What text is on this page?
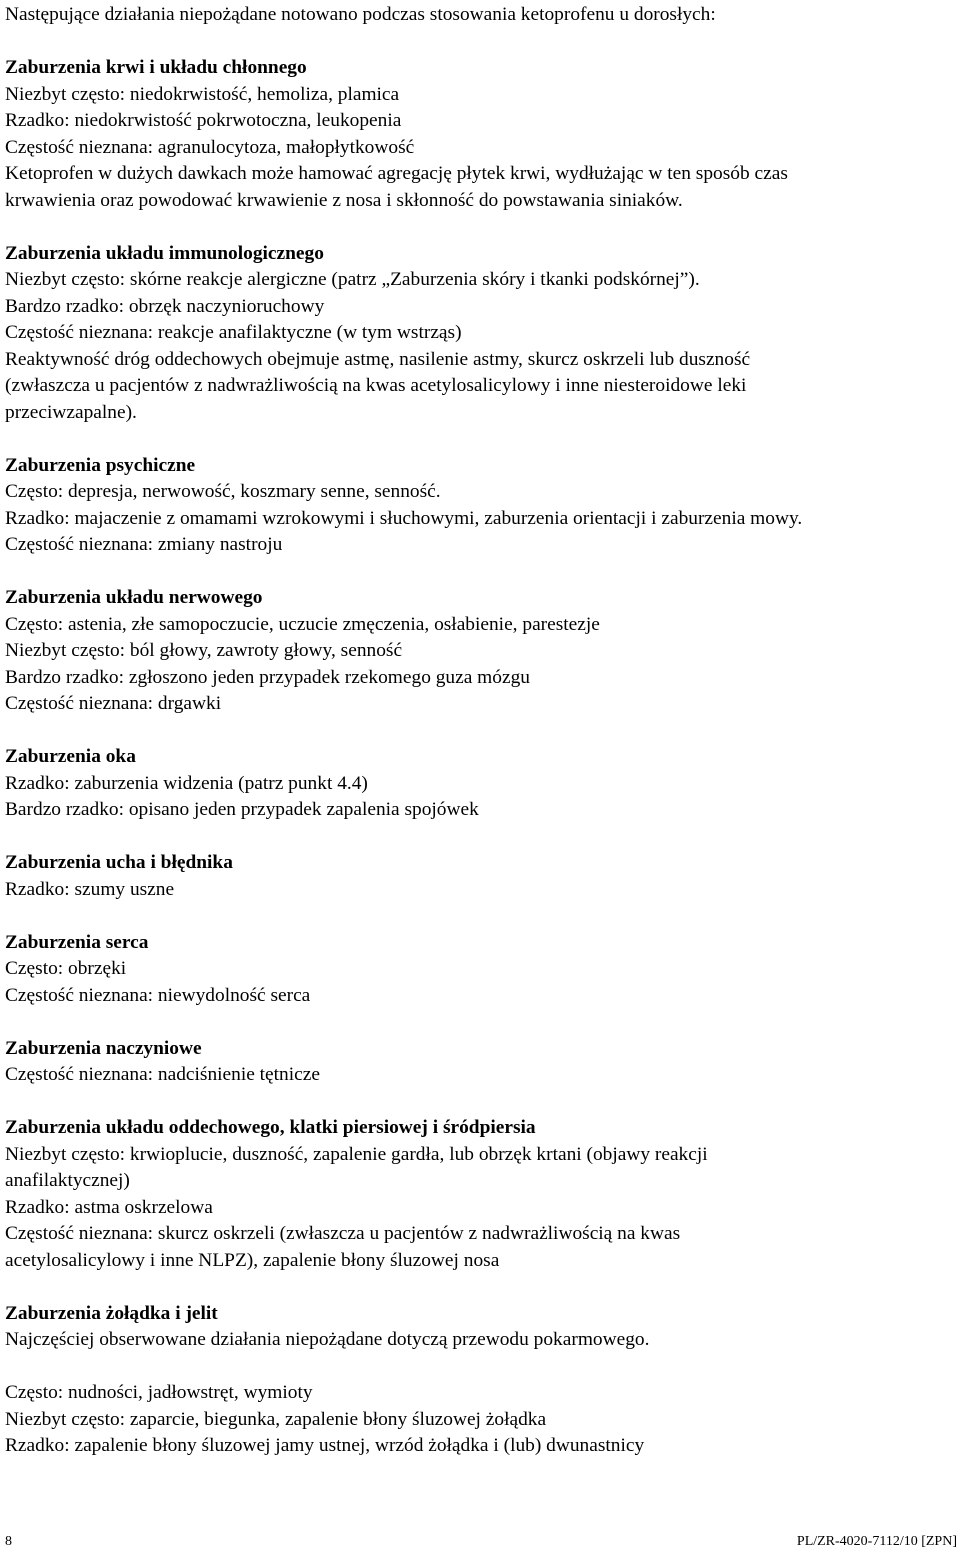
Następujące działania niepożądane notowano podczas stosowania ketoprofenu u dorosłych:
Zaburzenia krwi i układu chłonnego
Niezbyt często: niedokrwistość, hemoliza, plamica
Rzadko: niedokrwistość pokrwotoczna, leukopenia
Częstość nieznana: agranulocytoza, małopłytkowość
Ketoprofen w dużych dawkach może hamować agregację płytek krwi, wydłużając w ten sposób czas
krwawienia oraz powodować krwawienie z nosa i skłonność do powstawania siniaków.
Zaburzenia układu immunologicznego
Niezbyt często: skórne reakcje alergiczne (patrz „Zaburzenia skóry i tkanki podskórnej”).
Bardzo rzadko: obrzęk naczynioruchowy
Częstość nieznana: reakcje anafilaktyczne (w tym wstrząs)
Reaktywność dróg oddechowych obejmuje astmę, nasilenie astmy, skurcz oskrzeli lub duszność
(zwłaszcza u pacjentów z nadwrażliwością na kwas acetylosalicylowy i inne niesteroidowe leki
przeciwzapalne).
Zaburzenia psychiczne
Często: depresja, nerwowość, koszmary senne, senność.
Rzadko: majaczenie z omamami wzrokowymi i słuchowymi, zaburzenia orientacji i zaburzenia mowy.
Częstość nieznana: zmiany nastroju
Zaburzenia układu nerwowego
Często: astenia, złe samopoczucie, uczucie zmęczenia, osłabienie, parestezje
Niezbyt często: ból głowy, zawroty głowy, senność
Bardzo rzadko: zgłoszono jeden przypadek rzekomego guza mózgu
Częstość nieznana: drgawki
Zaburzenia oka
Rzadko: zaburzenia widzenia (patrz punkt 4.4)
Bardzo rzadko: opisano jeden przypadek zapalenia spojówek
Zaburzenia ucha i błędnika
Rzadko: szumy uszne
Zaburzenia serca
Często: obrzęki
Częstość nieznana: niewydolność serca
Zaburzenia naczyniowe
Częstość nieznana: nadciśnienie tętnicze
Zaburzenia układu oddechowego, klatki piersiowej i śródpiersia
Niezbyt często: krwioplucie, duszność, zapalenie gardła, lub obrzęk krtani (objawy reakcji
anafilaktycznej)
Rzadko: astma oskrzelowa
Częstość nieznana: skurcz oskrzeli (zwłaszcza u pacjentów z nadwrażliwością na kwas
acetylosalicylowy i inne NLPZ), zapalenie błony śluzowej nosa
Zaburzenia żołądka i jelit
Najczęściej obserwowane działania niepożądane dotyczą przewodu pokarmowego.
Często: nudności, jadłowstręt, wymioty
Niezbyt często: zaparcie, biegunka, zapalenie błony śluzowej żołądka
Rzadko: zapalenie błony śluzowej jamy ustnej, wrzód żołądka i (lub) dwunastnicy
8	PL/ZR-4020-7112/10 [ZPN]
